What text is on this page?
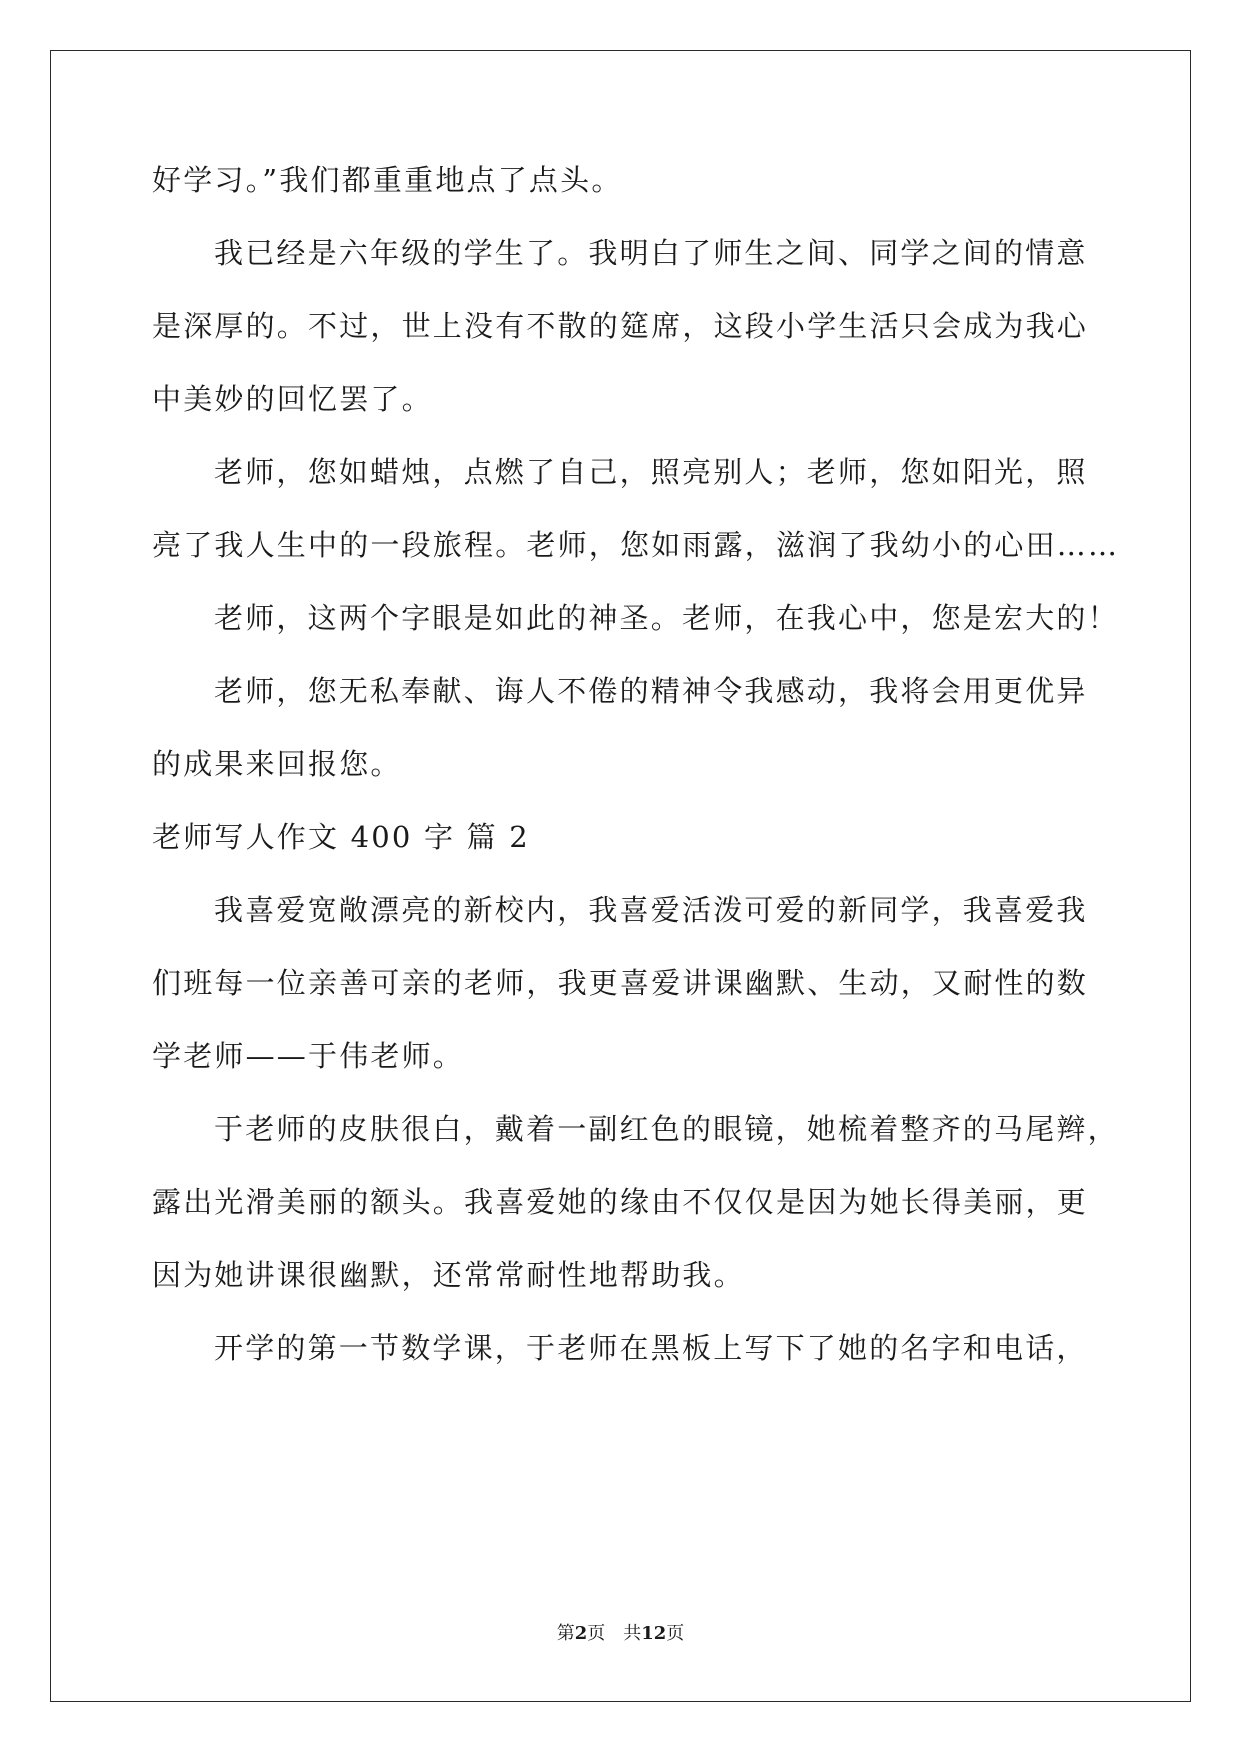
好学习。”我们都重重地点了点头。
我已经是六年级的学生了。我明白了师生之间、同学之间的情意
是深厚的。不过，世上没有不散的筵席，这段小学生活只会成为我心
中美妙的回忆罢了。
老师，您如蜡烛，点燃了自己，照亮别人；老师，您如阳光，照
亮了我人生中的一段旅程。老师，您如雨露，滋润了我幼小的心田……
老师，这两个字眼是如此的神圣。老师，在我心中，您是宏大的！
老师，您无私奉献、诲人不倦的精神令我感动，我将会用更优异
的成果来回报您。
老师写人作文 400 字 篇 2
我喜爱宽敞漂亮的新校内，我喜爱活泼可爱的新同学，我喜爱我
们班每一位亲善可亲的老师，我更喜爱讲课幽默、生动，又耐性的数
学老师——于伟老师。
于老师的皮肤很白，戴着一副红色的眼镜，她梳着整齐的马尾辫，
露出光滑美丽的额头。我喜爱她的缘由不仅仅是因为她长得美丽，更
因为她讲课很幽默，还常常耐性地帮助我。
开学的第一节数学课，于老师在黑板上写下了她的名字和电话，
第2页 共12页
